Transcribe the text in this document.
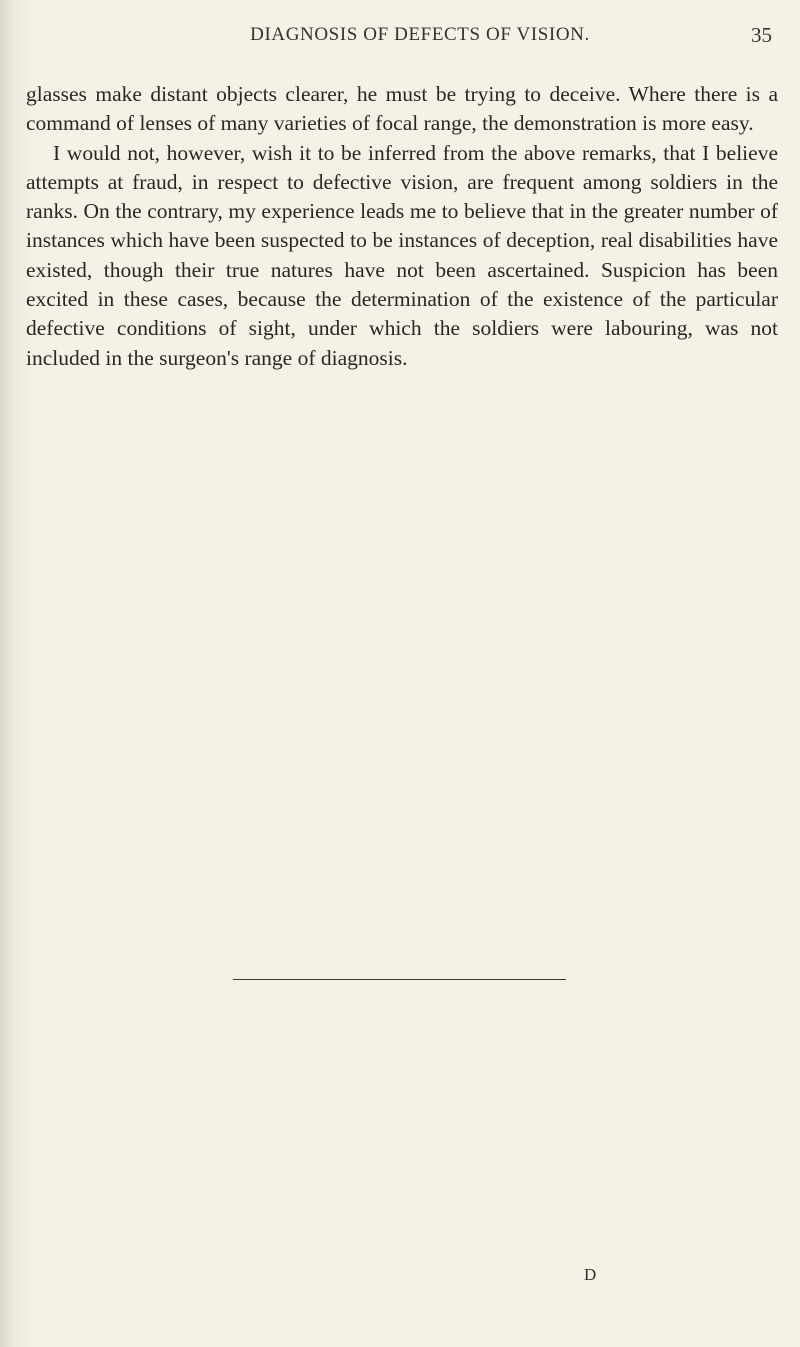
DIAGNOSIS OF DEFECTS OF VISION.	35

glasses make distant objects clearer, he must be trying to deceive. Where there is a command of lenses of many varieties of focal range, the demonstration is more easy.

I would not, however, wish it to be inferred from the above remarks, that I believe attempts at fraud, in respect to defective vision, are frequent among soldiers in the ranks. On the contrary, my experience leads me to believe that in the greater number of instances which have been suspected to be instances of deception, real disabilities have existed, though their true natures have not been ascertained. Suspicion has been excited in these cases, because the determination of the existence of the particular defective conditions of sight, under which the soldiers were labouring, was not included in the surgeon's range of diagnosis.

D
